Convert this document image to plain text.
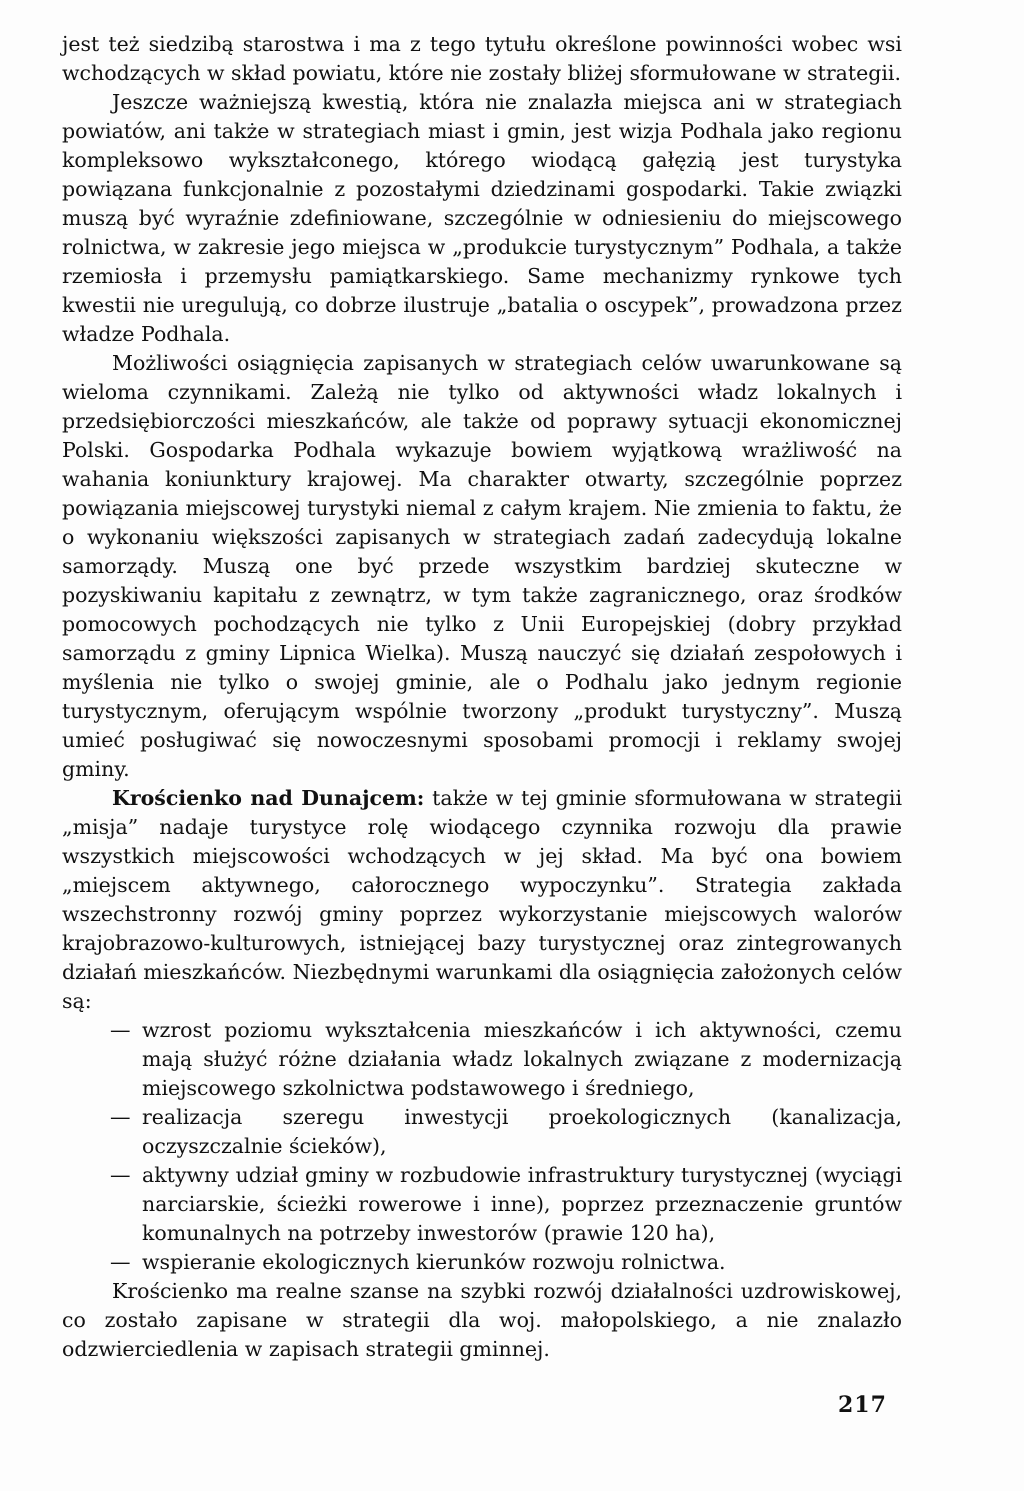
jest też siedzibą starostwa i ma z tego tytułu określone powinności wobec wsi wchodzących w skład powiatu, które nie zostały bliżej sformułowane w strategii.

Jeszcze ważniejszą kwestią, która nie znalazła miejsca ani w strategiach powiatów, ani także w strategiach miast i gmin, jest wizja Podhala jako regionu kompleksowo wykształconego, którego wiodącą gałęzią jest turystyka powiązana funkcjonalnie z pozostałymi dziedzinami gospodarki. Takie związki muszą być wyraźnie zdefiniowane, szczególnie w odniesieniu do miejscowego rolnictwa, w zakresie jego miejsca w „produkcie turystycznym” Podhala, a także rzemiosła i przemysłu pamiątkarskiego. Same mechanizmy rynkowe tych kwestii nie uregulują, co dobrze ilustruje „batalia o oscypek”, prowadzona przez władze Podhala.

Możliwości osiągnięcia zapisanych w strategiach celów uwarunkowane są wieloma czynnikami. Zależą nie tylko od aktywności władz lokalnych i przedsiębiorczości mieszkańców, ale także od poprawy sytuacji ekonomicznej Polski. Gospodarka Podhala wykazuje bowiem wyjątkową wrażliwość na wahania koniunktury krajowej. Ma charakter otwarty, szczególnie poprzez powiązania miejscowej turystyki niemal z całym krajem. Nie zmienia to faktu, że o wykonaniu większości zapisanych w strategiach zadań zadecydują lokalne samorządy. Muszą one być przede wszystkim bardziej skuteczne w pozyskiwaniu kapitału z zewnątrz, w tym także zagranicznego, oraz środków pomocowych pochodzących nie tylko z Unii Europejskiej (dobry przykład samorządu z gminy Lipnica Wielka). Muszą nauczyć się działań zespołowych i myślenia nie tylko o swojej gminie, ale o Podhalu jako jednym regionie turystycznym, oferującym wspólnie tworzony „produkt turystyczny”. Muszą umieć posługiwać się nowoczesnymi sposobami promocji i reklamy swojej gminy.

Krościenko nad Dunajcem: także w tej gminie sformułowana w strategii „misja” nadaje turystyce rolę wiodącego czynnika rozwoju dla prawie wszystkich miejscowości wchodzących w jej skład. Ma być ona bowiem „miejscem aktywnego, całorocznego wypoczynku”. Strategia zakłada wszechstronny rozwój gminy poprzez wykorzystanie miejscowych walorów krajobrazowo-kulturowych, istniejącej bazy turystycznej oraz zintegrowanych działań mieszkańców. Niezbędnymi warunkami dla osiągnięcia założonych celów są:

— wzrost poziomu wykształcenia mieszkańców i ich aktywności, czemu mają służyć różne działania władz lokalnych związane z modernizacją miejscowego szkolnictwa podstawowego i średniego,
— realizacja szeregu inwestycji proekologicznych (kanalizacja, oczyszczalnie ścieków),
— aktywny udział gminy w rozbudowie infrastruktury turystycznej (wyciągi narciarskie, ścieżki rowerowe i inne), poprzez przeznaczenie gruntów komunalnych na potrzeby inwestorów (prawie 120 ha),
— wspieranie ekologicznych kierunków rozwoju rolnictwa.

Krościenko ma realne szanse na szybki rozwój działalności uzdrowiskowej, co zostało zapisane w strategii dla woj. małopolskiego, a nie znalazło odzwierciedlenia w zapisach strategii gminnej.

217
